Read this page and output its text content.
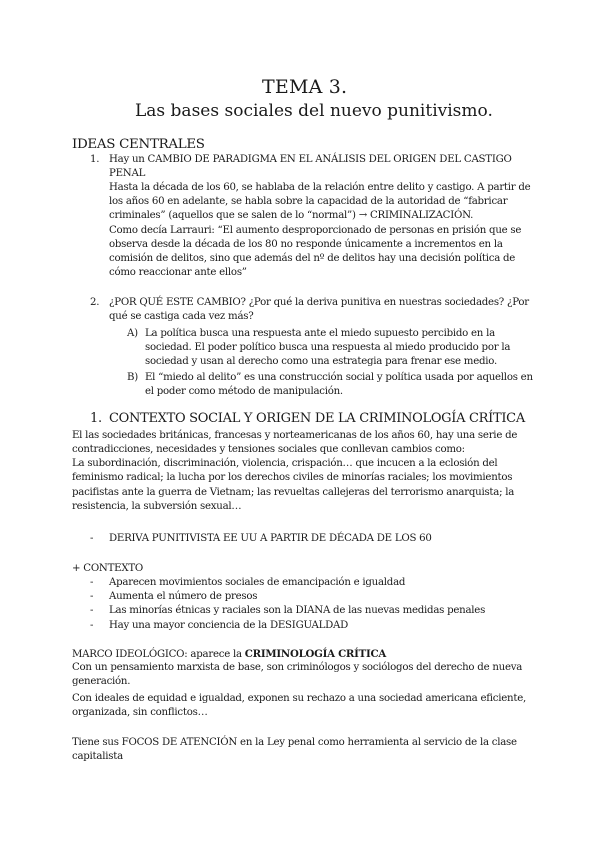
TEMA 3.
Las bases sociales del nuevo punitivismo.
IDEAS CENTRALES
1. Hay un CAMBIO DE PARADIGMA EN EL ANÁLISIS DEL ORIGEN DEL CASTIGO
PENAL
Hasta la década de los 60, se hablaba de la relación entre delito y castigo. A partir de
los años 60 en adelante, se habla sobre la capacidad de la autoridad de “fabricar
criminales” (aquellos que se salen de lo “normal”) → CRIMINALIZACIÓN.
Como decía Larrauri: “El aumento desproporcionado de personas en prisión que se
observa desde la década de los 80 no responde únicamente a incrementos en la
comisión de delitos, sino que además del nº de delitos hay una decisión política de
cómo reaccionar ante ellos”
2. ¿POR QUÉ ESTE CAMBIO? ¿Por qué la deriva punitiva en nuestras sociedades? ¿Por
qué se castiga cada vez más?
A) La política busca una respuesta ante el miedo supuesto percibido en la
sociedad. El poder político busca una respuesta al miedo producido por la
sociedad y usan al derecho como una estrategia para frenar ese medio.
B) El “miedo al delito” es una construcción social y política usada por aquellos en
el poder como método de manipulación.
1. CONTEXTO SOCIAL Y ORIGEN DE LA CRIMINOLOGÍA CRÍTICA
El las sociedades británicas, francesas y norteamericanas de los años 60, hay una serie de
contradicciones, necesidades y tensiones sociales que conllevan cambios como:
La subordinación, discriminación, violencia, crispación… que incucen a la eclosión del
feminismo radical; la lucha por los derechos civiles de minorías raciales; los movimientos
pacifistas ante la guerra de Vietnam; las revueltas callejeras del terrorismo anarquista; la
resistencia, la subversión sexual…
- DERIVA PUNITIVISTA EE UU A PARTIR DE DÉCADA DE LOS 60
+ CONTEXTO
- Aparecen movimientos sociales de emancipación e igualdad
- Aumenta el número de presos
- Las minorías étnicas y raciales son la DIANA de las nuevas medidas penales
- Hay una mayor conciencia de la DESIGUALDAD
MARCO IDEOLÓGICO: aparece la CRIMINOLOGÍA CRÍTICA
Con un pensamiento marxista de base, son criminólogos y sociólogos del derecho de nueva
generación.
Con ideales de equidad e igualdad, exponen su rechazo a una sociedad americana eficiente,
organizada, sin conflictos…
Tiene sus FOCOS DE ATENCIÓN en la Ley penal como herramienta al servicio de la clase
capitalista
